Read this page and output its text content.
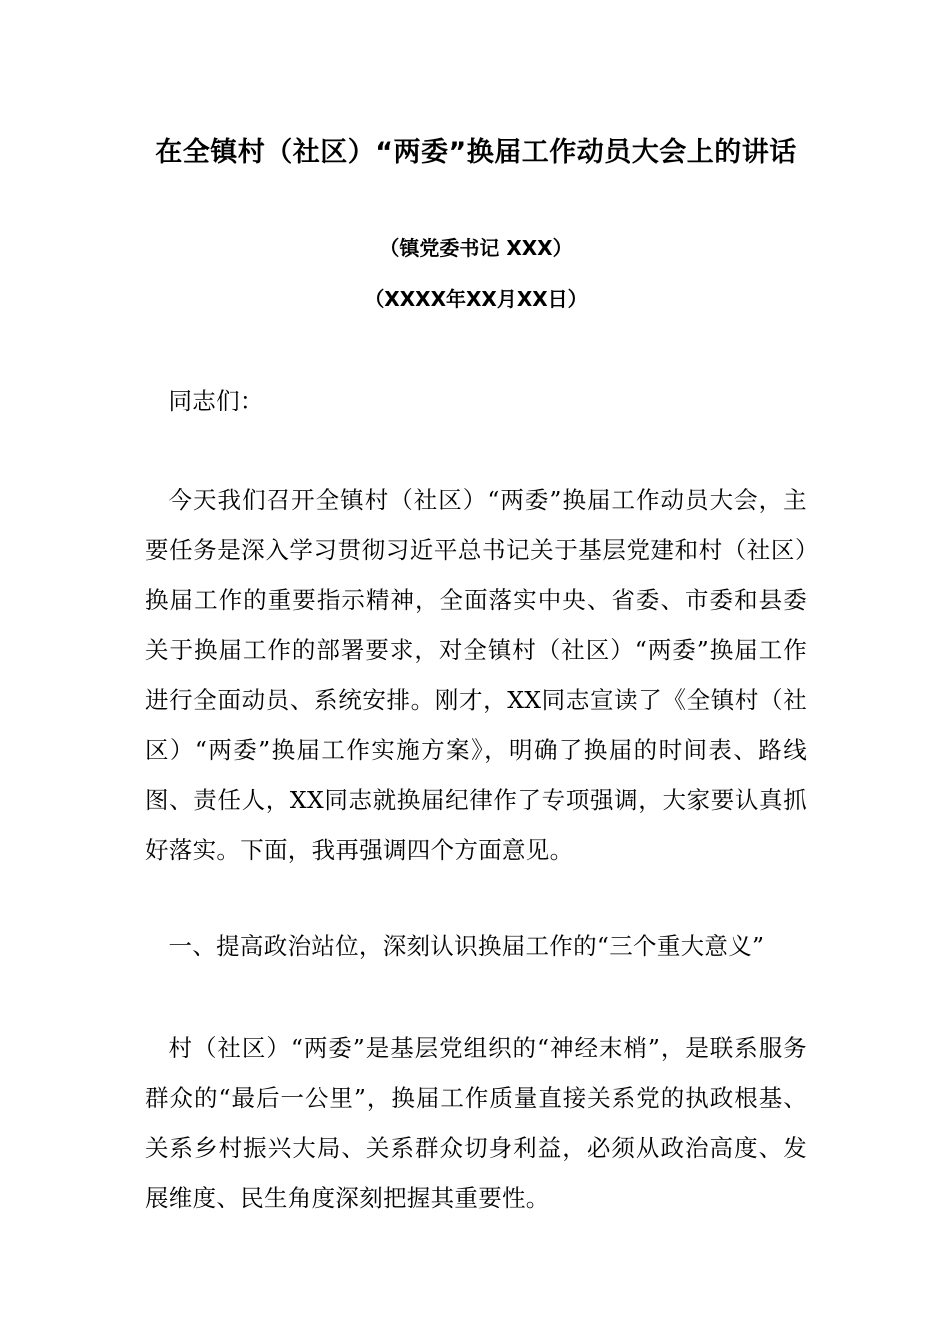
在全镇村（社区）“两委”换届工作动员大会上的讲话

（镇党委书记 XXX）

（XXXX年XX月XX日）

同志们：

今天我们召开全镇村（社区）“两委”换届工作动员大会，主要任务是深入学习贯彻习近平总书记关于基层党建和村（社区）换届工作的重要指示精神，全面落实中央、省委、市委和县委关于换届工作的部署要求，对全镇村（社区）“两委”换届工作进行全面动员、系统安排。刚才，XX同志宣读了《全镇村（社区）“两委”换届工作实施方案》，明确了换届的时间表、路线图、责任人，XX同志就换届纪律作了专项强调，大家要认真抓好落实。下面，我再强调四个方面意见。

一、提高政治站位，深刻认识换届工作的“三个重大意义”

村（社区）“两委”是基层党组织的“神经末梢”，是联系服务群众的“最后一公里”，换届工作质量直接关系党的执政根基、关系乡村振兴大局、关系群众切身利益，必须从政治高度、发展维度、民生角度深刻把握其重要性。
